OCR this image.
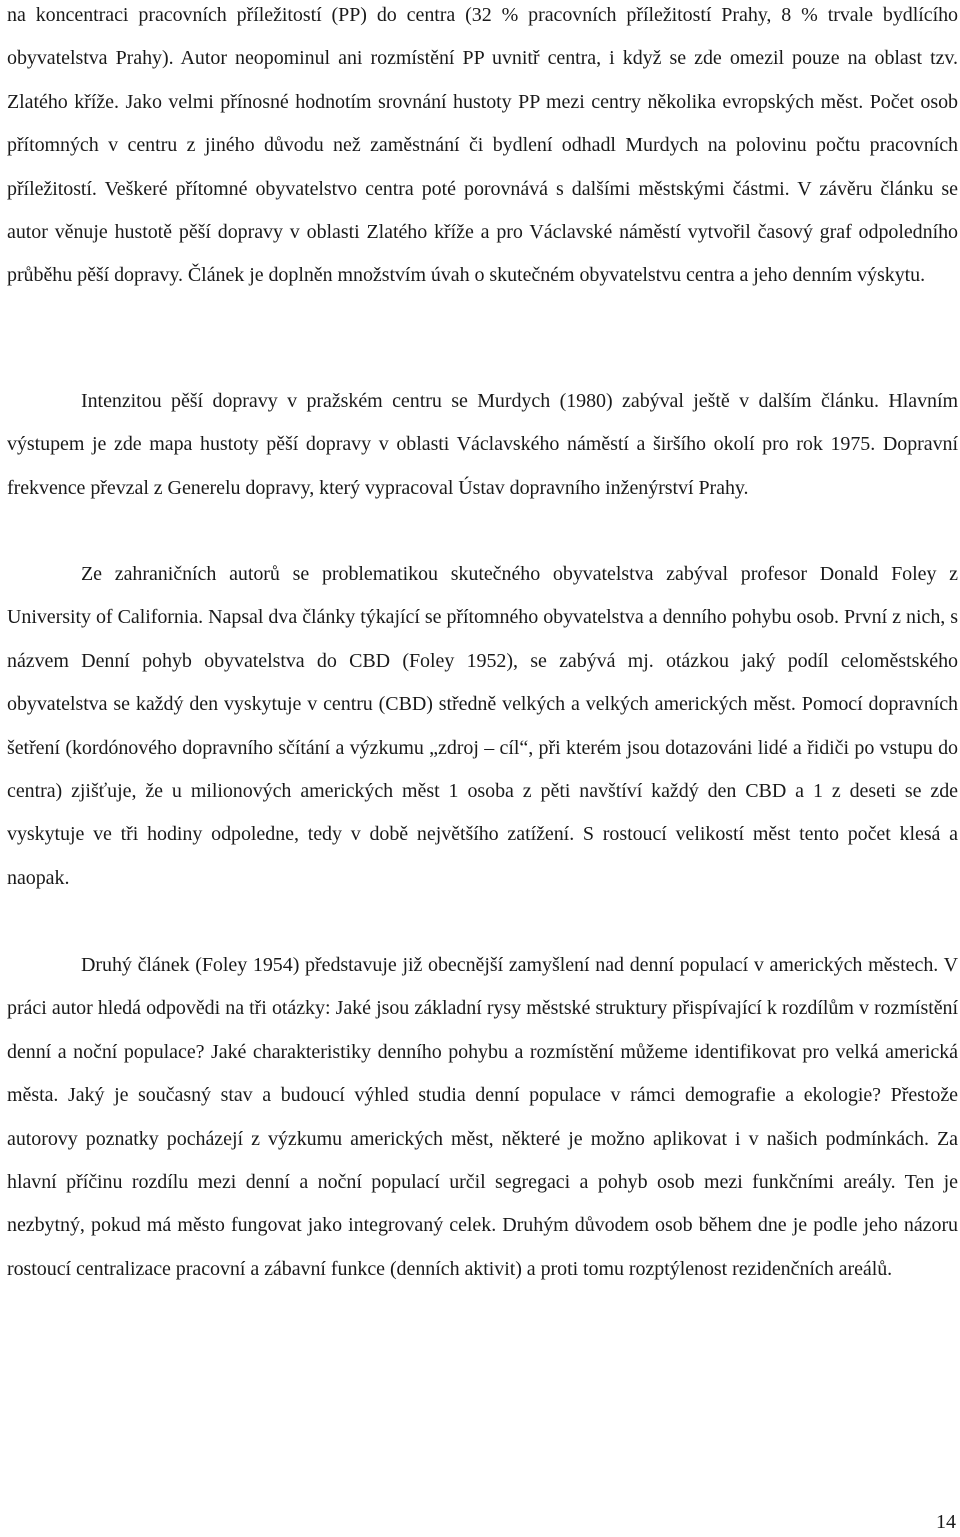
na koncentraci pracovních příležitostí (PP) do centra (32 % pracovních příležitostí Prahy, 8 % trvale bydlícího obyvatelstva Prahy). Autor neopominul ani rozmístění PP uvnitř centra, i když se zde omezil pouze na oblast tzv. Zlatého kříže. Jako velmi přínosné hodnotím srovnání hustoty PP mezi centry několika evropských měst. Počet osob přítomných v centru z jiného důvodu než zaměstnání či bydlení odhadl Murdych na polovinu počtu pracovních příležitostí. Veškeré přítomné obyvatelstvo centra poté porovnává s dalšími městskými částmi. V závěru článku se autor věnuje hustotě pěší dopravy v oblasti Zlatého kříže a pro Václavské náměstí vytvořil časový graf odpoledního průběhu pěší dopravy. Článek je doplněn množstvím úvah o skutečném obyvatelstvu centra a jeho denním výskytu.

Intenzitou pěší dopravy v pražském centru se Murdych (1980) zabýval ještě v dalším článku. Hlavním výstupem je zde mapa hustoty pěší dopravy v oblasti Václavského náměstí a širšího okolí pro rok 1975. Dopravní frekvence převzal z Generelu dopravy, který vypracoval Ústav dopravního inženýrství Prahy.

Ze zahraničních autorů se problematikou skutečného obyvatelstva zabýval profesor Donald Foley z University of California. Napsal dva články týkající se přítomného obyvatelstva a denního pohybu osob. První z nich, s názvem Denní pohyb obyvatelstva do CBD (Foley 1952), se zabývá mj. otázkou jaký podíl celoměstského obyvatelstva se každý den vyskytuje v centru (CBD) středně velkých a velkých amerických měst. Pomocí dopravních šetření (kordónového dopravního sčítání a výzkumu „zdroj – cíl“, při kterém jsou dotazováni lidé a řidiči po vstupu do centra) zjišťuje, že u milionových amerických měst 1 osoba z pěti navštíví každý den CBD a 1 z deseti se zde vyskytuje ve tři hodiny odpoledne, tedy v době největšího zatížení. S rostoucí velikostí měst tento počet klesá a naopak.

Druhý článek (Foley 1954) představuje již obecnější zamyšlení nad denní populací v amerických městech. V práci autor hledá odpovědi na tři otázky: Jaké jsou základní rysy městské struktury přispívající k rozdílům v rozmístění denní a noční populace? Jaké charakteristiky denního pohybu a rozmístění můžeme identifikovat pro velká americká města. Jaký je současný stav a budoucí výhled studia denní populace v rámci demografie a ekologie? Přestože autorovy poznatky pocházejí z výzkumu amerických měst, některé je možno aplikovat i v našich podmínkách. Za hlavní příčinu rozdílu mezi denní a noční populací určil segregaci a pohyb osob mezi funkčními areály. Ten je nezbytný, pokud má město fungovat jako integrovaný celek. Druhým důvodem osob během dne je podle jeho názoru rostoucí centralizace pracovní a zábavní funkce (denních aktivit) a proti tomu rozptýlenost rezidenčních areálů.

14
